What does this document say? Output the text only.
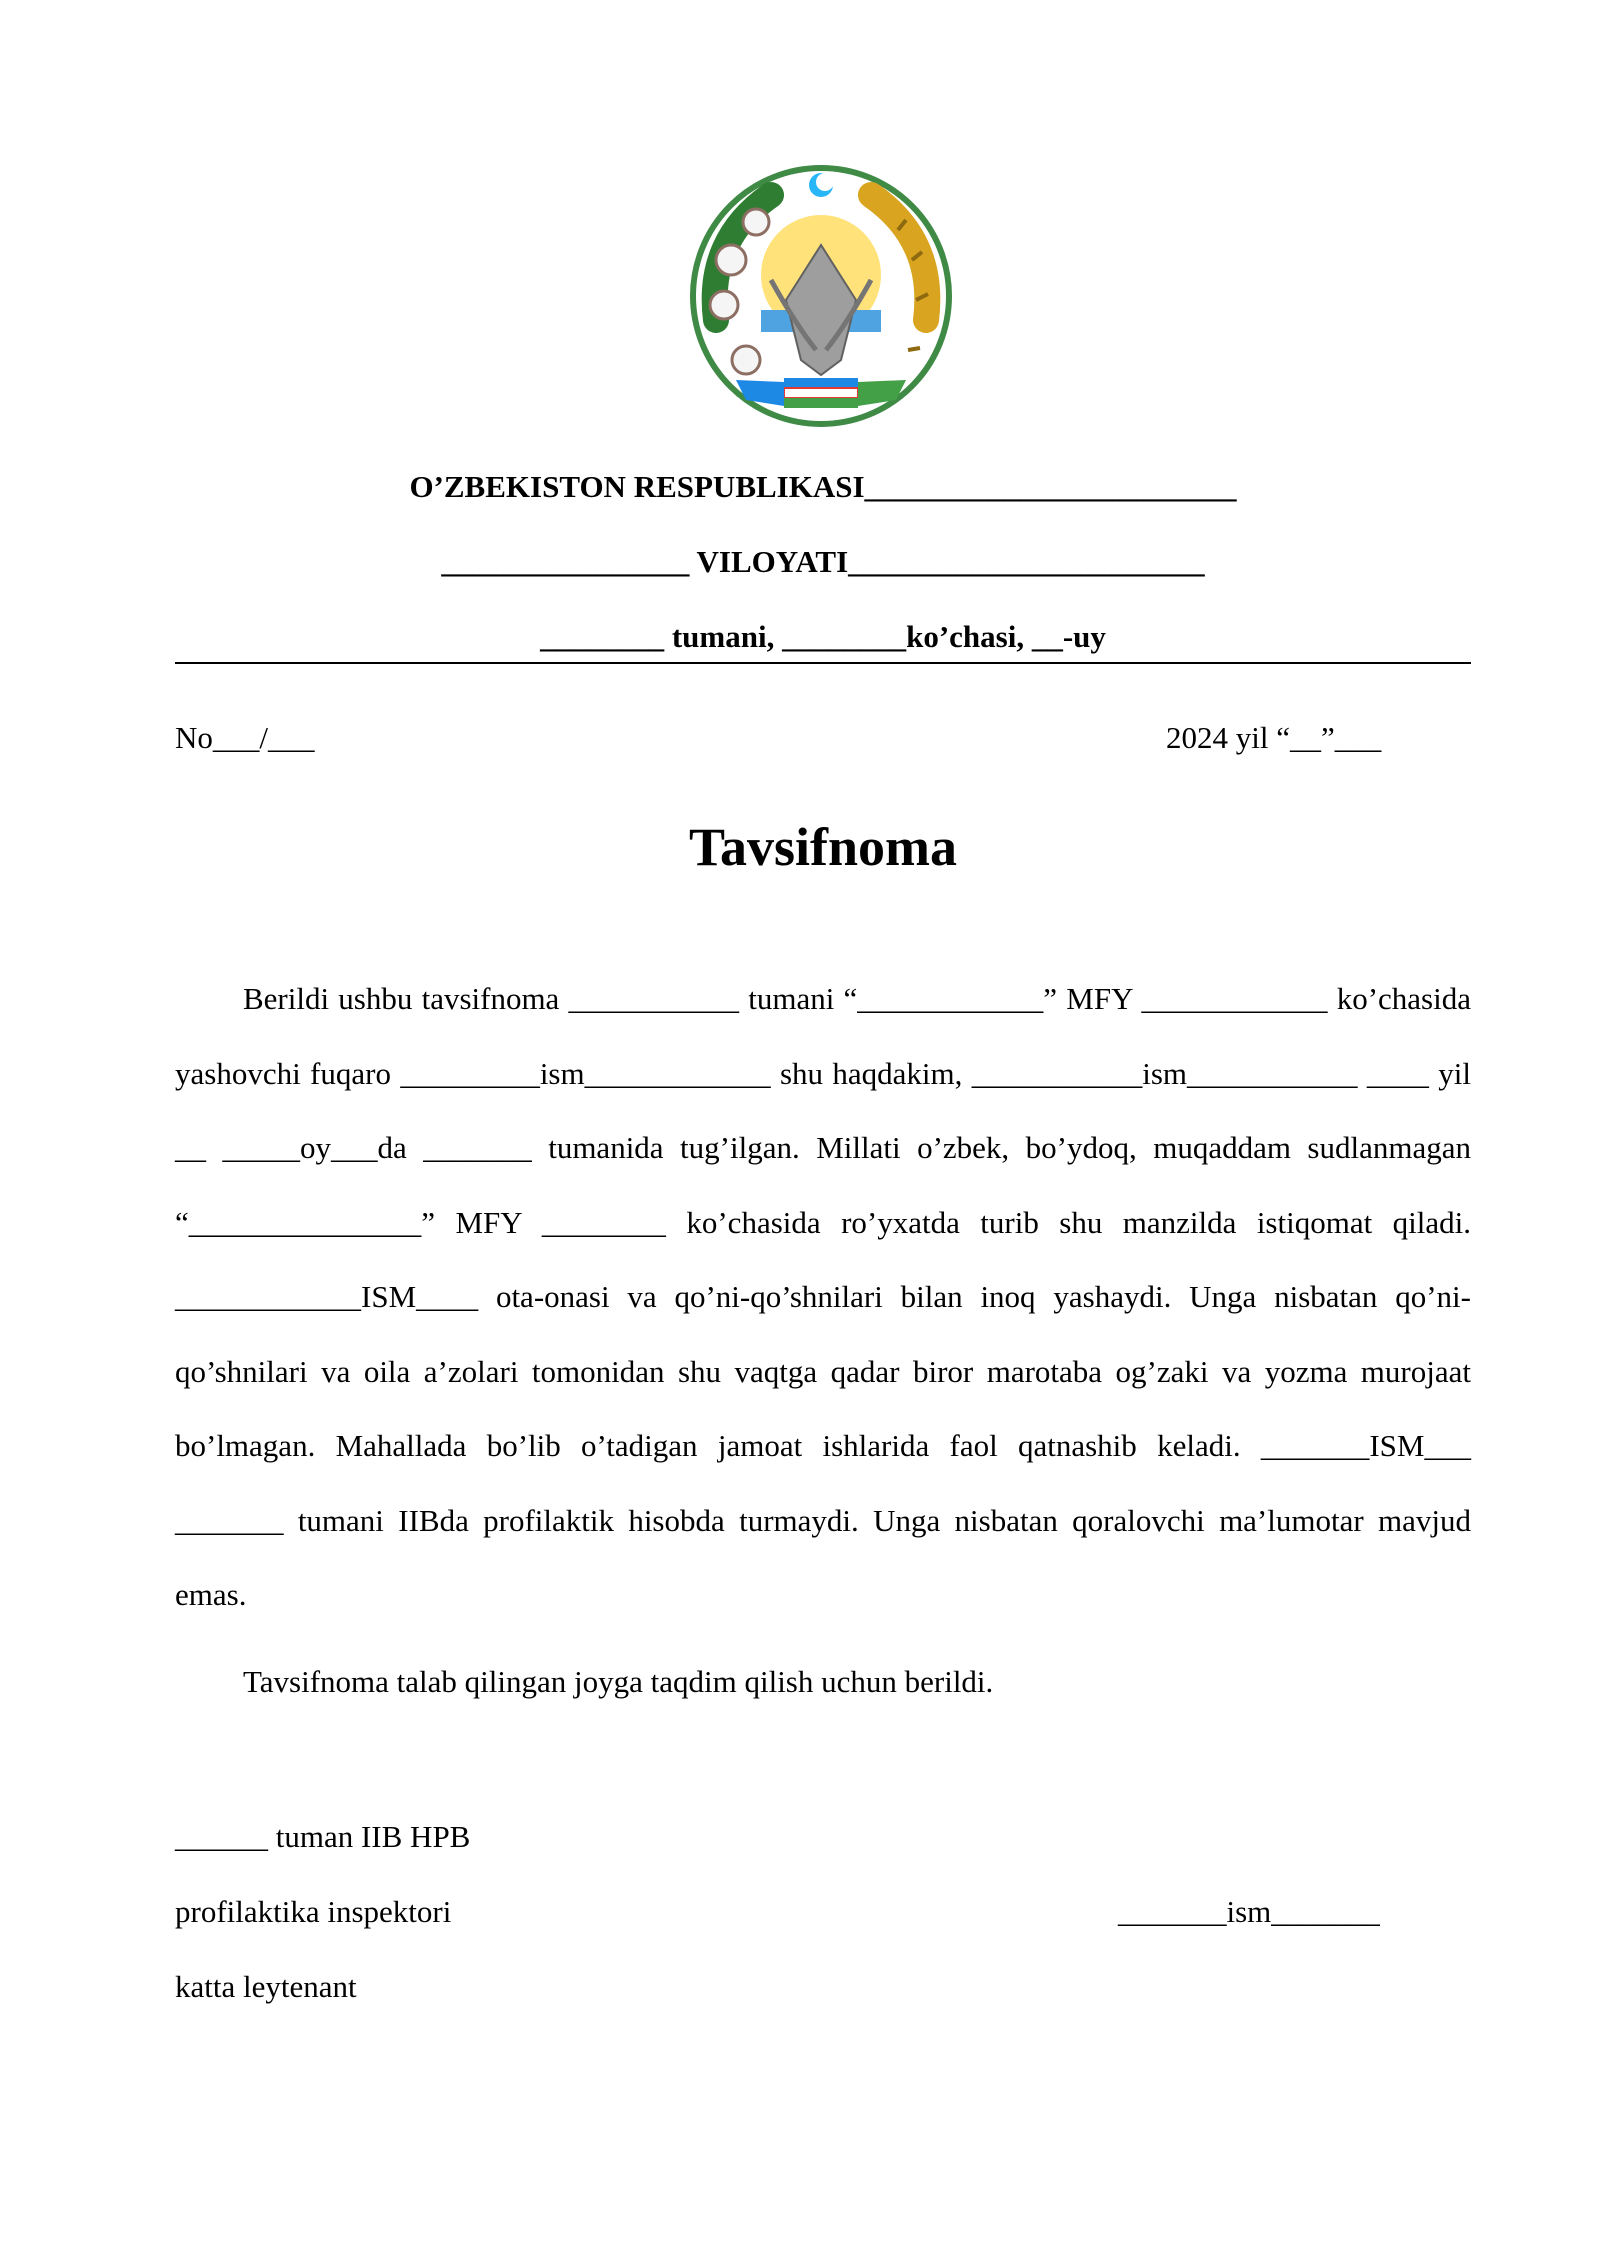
O’ZBEKISTON RESPUBLIKASI________________________
________________ VILOYATI_______________________
________ tumani, ________ko’chasi, __-uy
No___/___	2024 yil “__”___
Tavsifnoma

Berildi ushbu tavsifnoma ___________ tumani “____________” MFY ____________ ko’chasida yashovchi fuqaro _________ism____________ shu haqdakim, ___________ism___________ ____ yil __ _____oy___da _______ tumanida tug’ilgan. Millati o’zbek, bo’ydoq, muqaddam sudlanmagan “_______________” MFY ________ ko’chasida ro’yxatda turib shu manzilda istiqomat qiladi. ____________ISM____ ota-onasi va qo’ni-qo’shnilari bilan inoq yashaydi. Unga nisbatan qo’ni-qo’shnilari va oila a’zolari tomonidan shu vaqtga qadar biror marotaba og’zaki va yozma murojaat bo’lmagan. Mahallada bo’lib o’tadigan jamoat ishlarida faol qatnashib keladi. _______ISM___ _______ tumani IIBda profilaktik hisobda turmaydi. Unga nisbatan qoralovchi ma’lumotar mavjud emas.

Tavsifnoma talab qilingan joyga taqdim qilish uchun berildi.

______ tuman IIB HPB
profilaktika inspektori
katta leytenant
_______ism_______
